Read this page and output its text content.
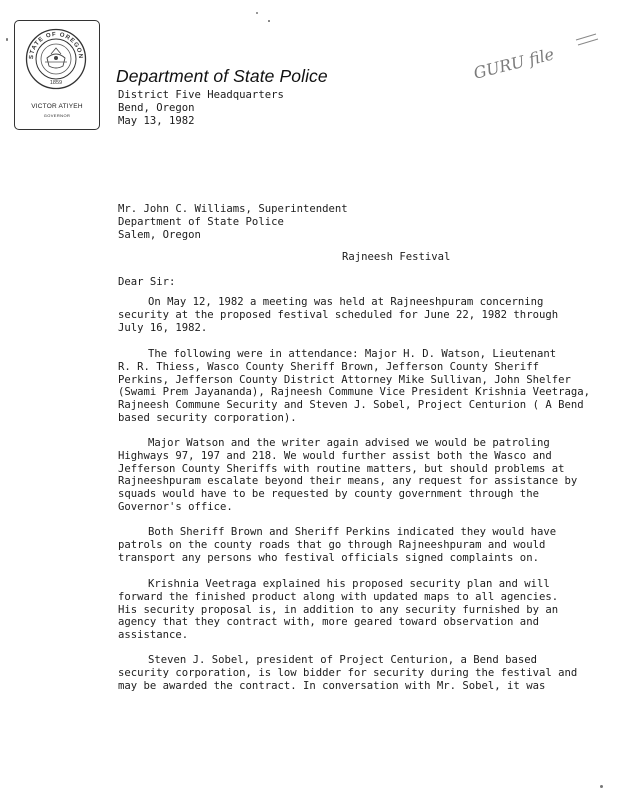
STATE OF OREGON
1859
VICTOR ATIYEH
GOVERNOR
Department of State Police
District Five Headquarters
Bend, Oregon
May 13, 1982
GURU file
Mr. John C. Williams, Superintendent
Department of State Police
Salem, Oregon
Rajneesh Festival
Dear Sir:
On May 12, 1982 a meeting was held at Rajneeshpuram concerning
security at the proposed festival scheduled for June 22, 1982 through
July 16, 1982.
The following were in attendance: Major H. D. Watson, Lieutenant
R. R. Thiess, Wasco County Sheriff Brown, Jefferson County Sheriff
Perkins, Jefferson County District Attorney Mike Sullivan, John Shelfer
(Swami Prem Jayananda), Rajneesh Commune Vice President Krishnia Veetraga,
Rajneesh Commune Security and Steven J. Sobel, Project Centurion ( A Bend
based security corporation).
Major Watson and the writer again advised we would be patroling
Highways 97, 197 and 218. We would further assist both the Wasco and
Jefferson County Sheriffs with routine matters, but should problems at
Rajneeshpuram escalate beyond their means, any request for assistance by
squads would have to be requested by county government through the
Governor's office.
Both Sheriff Brown and Sheriff Perkins indicated they would have
patrols on the county roads that go through Rajneeshpuram and would
transport any persons who festival officials signed complaints on.
Krishnia Veetraga explained his proposed security plan and will
forward the finished product along with updated maps to all agencies.
His security proposal is, in addition to any security furnished by an
agency that they contract with, more geared toward observation and
assistance.
Steven J. Sobel, president of Project Centurion, a Bend based
security corporation, is low bidder for security during the festival and
may be awarded the contract. In conversation with Mr. Sobel, it was
